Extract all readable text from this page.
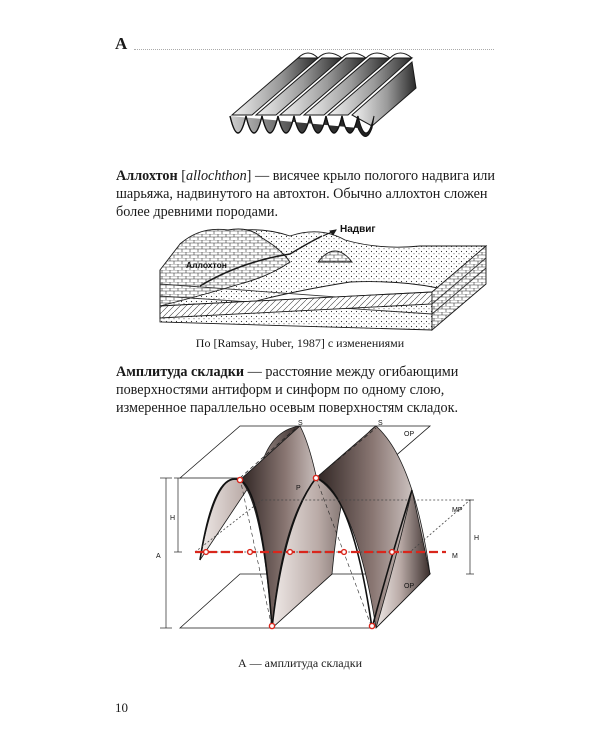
А
Аллохтон [allochthon] — висячее крыло пологого надвига или шарьяжа, надвинутого на автохтон. Обычно аллохтон сложен более древними породами.
Надвиг
Аллохтон
По [Ramsay, Huber, 1987] с изменениями
Амплитуда складки — расстояние между огибающими поверхностями антиформ и синформ по одному слою, измеренное параллельно осевым поверхностям складок.
S	S
OP
OP
MP
M
H
H
A
P
А — амплитуда складки
10
